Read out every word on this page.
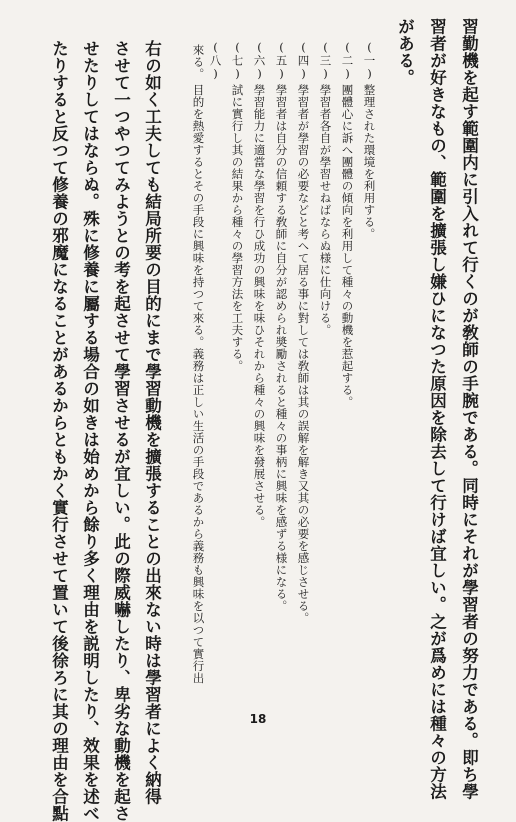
習勤機を起す範圍内に引入れて行くのが敎師の手腕である。同時にそれが學習者の努力である。即ち學
習者が好きなもの、範圍を擴張し嫌ひになつた原因を除去して行けば宜しい。之が爲めには種々の方法
がある。
(一)
整理された環境を利用する。
(二)
團體心に訴へ團體の傾向を利用して種々の動機を惹起する。
(三)
學習者各自が學習せねばならぬ様に仕向ける。
(四)
學習者が學習の必要などと考へて居る事に對しては敎師は其の誤解を解き又其の必要を感じさせる。
(五)
學習者は自分の信頼する敎師に自分が認められ奬勵されると種々の事柄に興味を感ずる様になる。
(六)
學習能力に適當な學習を行ひ成功の興味を味ひそれから種々の興味を發展させる。
(七)
試に實行し其の結果から種々の學習方法を工夫する。
(八)
目的を熱愛するとその手段に興味を持つて來る。義務は正しい生活の手段であるから義務も興味を以つて實行出
來る。
右の如く工夫しても結局所要の目的にまで學習動機を擴張することの出來ない時は學習者によく納得
させて一つやつてみようとの考を起させて學習させるが宜しい。此の際威嚇したり、卑劣な動機を起さ
せたりしてはならぬ。殊に修養に屬する場合の如きは始めから餘り多く理由を説明したり、效果を述べ
たりすると反つて修養の邪魔になることがあるからともかく實行させて置いて後徐ろに其の理由を合點	18
